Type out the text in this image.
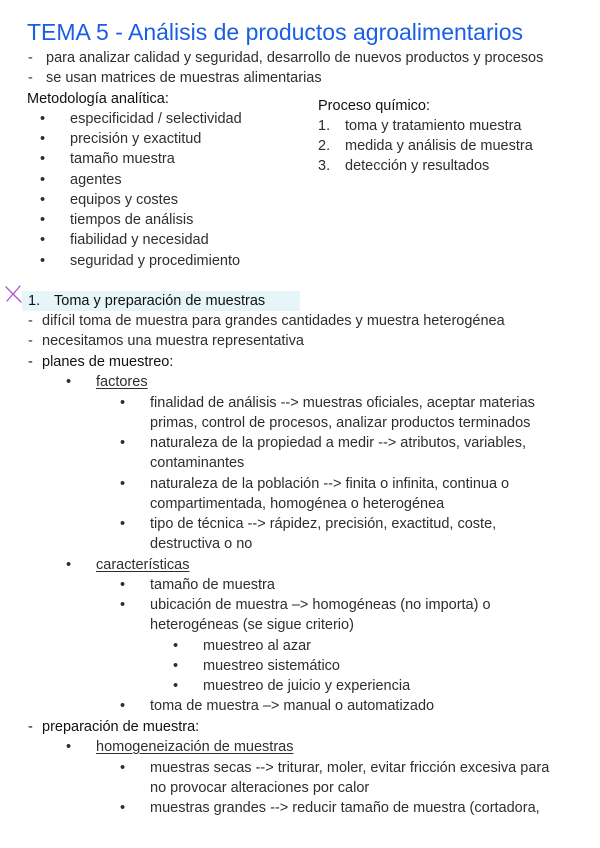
TEMA 5 - Análisis de productos agroalimentarios
- para analizar calidad y seguridad, desarrollo de nuevos productos y procesos
- se usan matrices de muestras alimentarias
Metodología analítica:
• especificidad / selectividad
• precisión y exactitud
• tamaño muestra
• agentes
• equipos y costes
• tiempos de análisis
• fiabilidad y necesidad
• seguridad y procedimiento
Proceso químico:
1. toma y tratamiento muestra
2. medida y análisis de muestra
3. detección y resultados
1. Toma y preparación de muestras
- difícil toma de muestra para grandes cantidades y muestra heterogénea
- necesitamos una muestra representativa
- planes de muestreo:
• factores
• finalidad de análisis --> muestras oficiales, aceptar materias
primas, control de procesos, analizar productos terminados
• naturaleza de la propiedad a medir --> atributos, variables,
contaminantes
• naturaleza de la población --> finita o infinita, continua o
compartimentada, homogénea o heterogénea
• tipo de técnica --> rápidez, precisión, exactitud, coste,
destructiva o no
• características
• tamaño de muestra
• ubicación de muestra –> homogéneas (no importa) o
heterogéneas (se sigue criterio)
• muestreo al azar
• muestreo sistemático
• muestreo de juicio y experiencia
• toma de muestra –> manual o automatizado
- preparación de muestra:
• homogeneización de muestras
• muestras secas --> triturar, moler, evitar fricción excesiva para
no provocar alteraciones por calor
• muestras grandes --> reducir tamaño de muestra (cortadora,
